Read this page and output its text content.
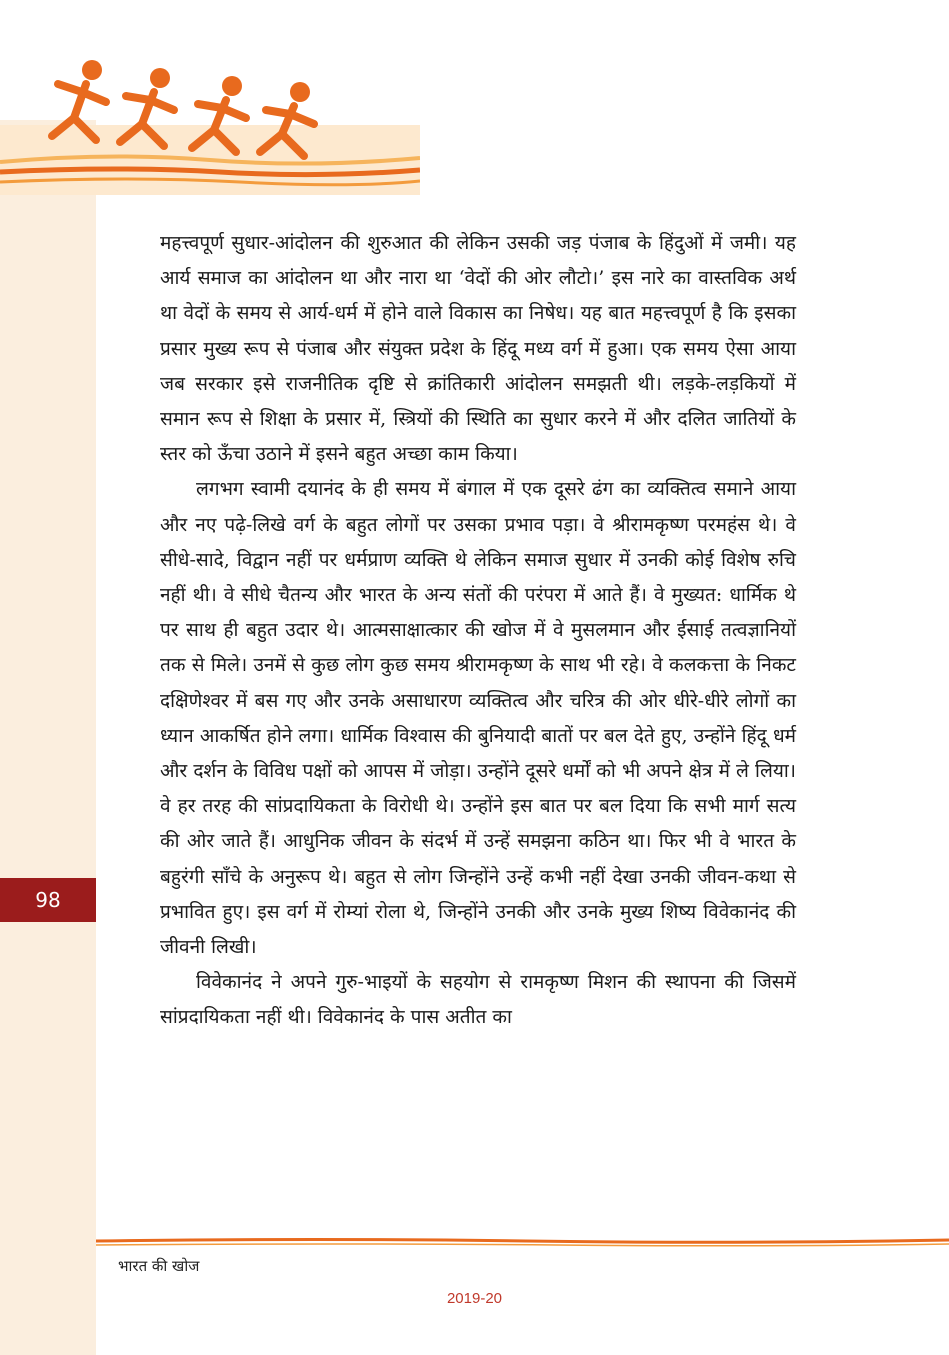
महत्त्वपूर्ण सुधार-आंदोलन की शुरुआत की लेकिन उसकी जड़ पंजाब के हिंदुओं में जमी। यह आर्य समाज का आंदोलन था और नारा था ‘वेदों की ओर लौटो।’ इस नारे का वास्तविक अर्थ था वेदों के समय से आर्य-धर्म में होने वाले विकास का निषेध। यह बात महत्त्वपूर्ण है कि इसका प्रसार मुख्य रूप से पंजाब और संयुक्त प्रदेश के हिंदू मध्य वर्ग में हुआ। एक समय ऐसा आया जब सरकार इसे राजनीतिक दृष्टि से क्रांतिकारी आंदोलन समझती थी। लड़के-लड़कियों में समान रूप से शिक्षा के प्रसार में, स्त्रियों की स्थिति का सुधार करने में और दलित जातियों के स्तर को ऊँचा उठाने में इसने बहुत अच्छा काम किया।

लगभग स्वामी दयानंद के ही समय में बंगाल में एक दूसरे ढंग का व्यक्तित्व समाने आया और नए पढ़े-लिखे वर्ग के बहुत लोगों पर उसका प्रभाव पड़ा। वे श्रीरामकृष्ण परमहंस थे। वे सीधे-सादे, विद्वान नहीं पर धर्मप्राण व्यक्ति थे लेकिन समाज सुधार में उनकी कोई विशेष रुचि नहीं थी। वे सीधे चैतन्य और भारत के अन्य संतों की परंपरा में आते हैं। वे मुख्यत: धार्मिक थे पर साथ ही बहुत उदार थे। आत्मसाक्षात्कार की खोज में वे मुसलमान और ईसाई तत्वज्ञानियों तक से मिले। उनमें से कुछ लोग कुछ समय श्रीरामकृष्ण के साथ भी रहे। वे कलकत्ता के निकट दक्षिणेश्वर में बस गए और उनके असाधारण व्यक्तित्व और चरित्र की ओर धीरे-धीरे लोगों का ध्यान आकर्षित होने लगा। धार्मिक विश्वास की बुनियादी बातों पर बल देते हुए, उन्होंने हिंदू धर्म और दर्शन के विविध पक्षों को आपस में जोड़ा। उन्होंने दूसरे धर्मों को भी अपने क्षेत्र में ले लिया। वे हर तरह की सांप्रदायिकता के विरोधी थे। उन्होंने इस बात पर बल दिया कि सभी मार्ग सत्य की ओर जाते हैं। आधुनिक जीवन के संदर्भ में उन्हें समझना कठिन था। फिर भी वे भारत के बहुरंगी साँचे के अनुरूप थे। बहुत से लोग जिन्होंने उन्हें कभी नहीं देखा उनकी जीवन-कथा से प्रभावित हुए। इस वर्ग में रोम्यां रोला थे, जिन्होंने उनकी और उनके मुख्य शिष्य विवेकानंद की जीवनी लिखी।

विवेकानंद ने अपने गुरु-भाइयों के सहयोग से रामकृष्ण मिशन की स्थापना की जिसमें सांप्रदायिकता नहीं थी। विवेकानंद के पास अतीत का

98
भारत की खोज
2019-20
